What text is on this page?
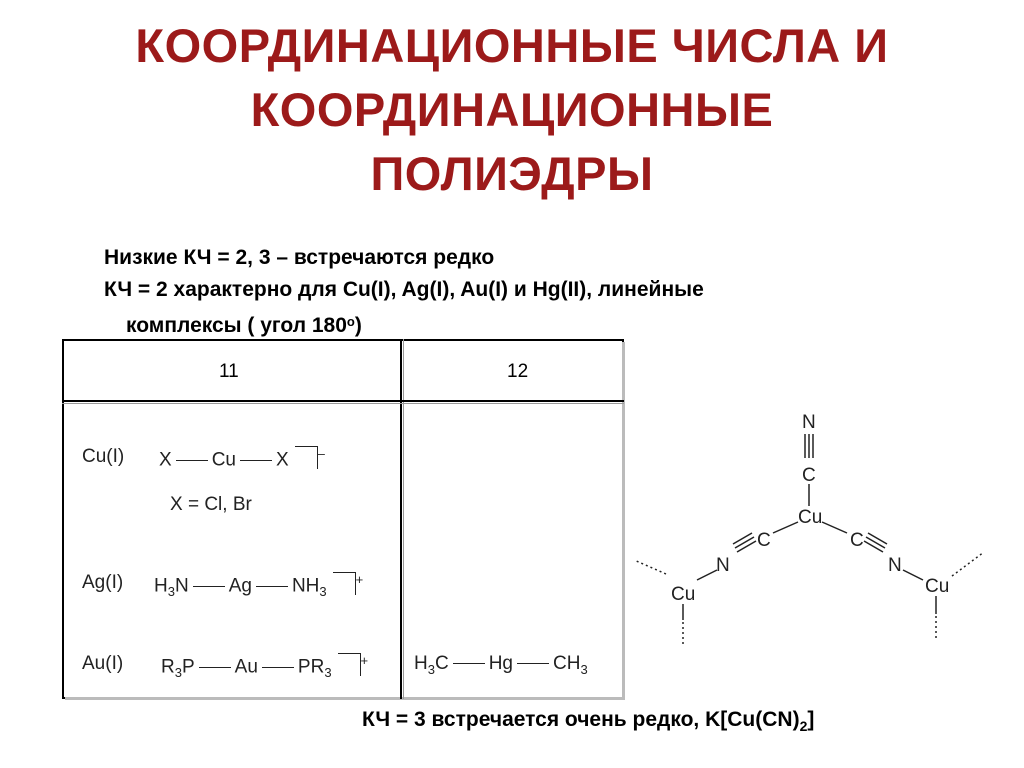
КООРДИНАЦИОННЫЕ ЧИСЛА И
КООРДИНАЦИОННЫЕ
ПОЛИЭДРЫ
Низкие КЧ = 2, 3 – встречаются редко
КЧ = 2 характерно для Cu(I), Ag(I), Au(I) и Hg(II), линейные
комплексы ( угол 180$^o$)
11	12
Cu(I) X Cu X –
X = Cl, Br
Ag(I) $H_3N$ Ag $NH_3^+$
Au(I) $R_3P$ Au $PR_3^+$ $H_3C$ Hg $CH_3$
N
C
Cu
C
N
C
N
Cu	Cu
КЧ = 3 встречается очень редко, $K[Cu(CN)_2]$
